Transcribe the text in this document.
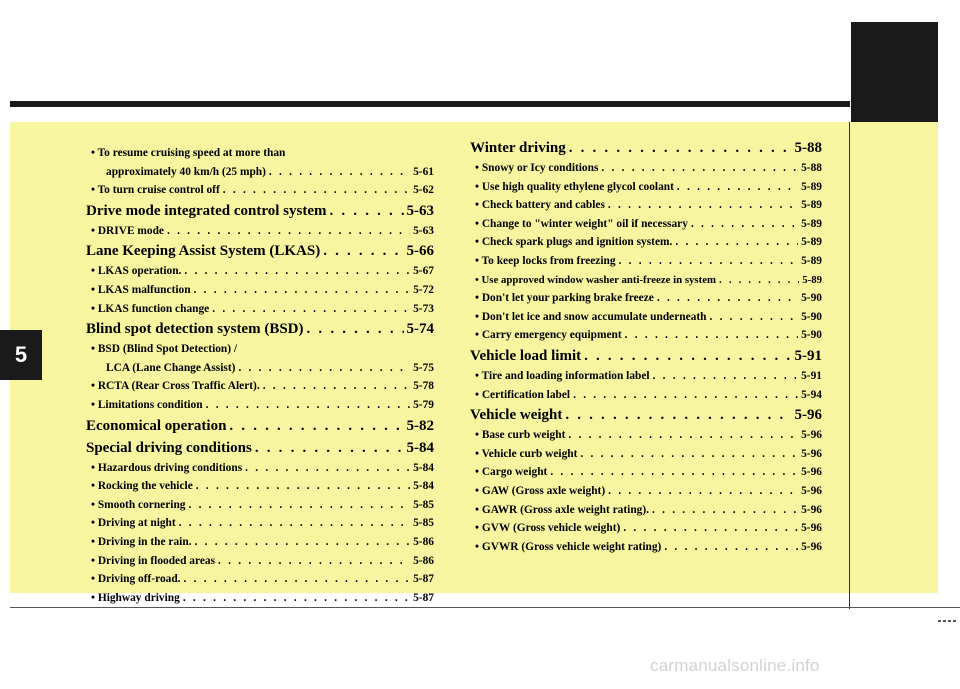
5
carmanualsonline.info
• To resume cruising speed at more than
approximately 40 km/h (25 mph) . . .	5-61
• To turn cruise control off . . .	5-62
Drive mode integrated control system . . .	5-63
• DRIVE mode . . .	5-63
Lane Keeping Assist System (LKAS) . . .	5-66
• LKAS operation. . . .	5-67
• LKAS malfunction . . .	5-72
• LKAS function change . . .	5-73
Blind spot detection system (BSD) . . .	5-74
• BSD (Blind Spot Detection) /
LCA (Lane Change Assist) . . .	5-75
• RCTA (Rear Cross Traffic Alert). . . .	5-78
• Limitations condition . . .	5-79
Economical operation . . .	5-82
Special driving conditions . . .	5-84
• Hazardous driving conditions . . .	5-84
• Rocking the vehicle . . .	5-84
• Smooth cornering . . .	5-85
• Driving at night . . .	5-85
• Driving in the rain. . . .	5-86
• Driving in flooded areas . . .	5-86
• Driving off-road. . . .	5-87
• Highway driving . . .	5-87
Winter driving . . .	5-88
• Snowy or Icy conditions . . .	5-88
• Use high quality ethylene glycol coolant . . .	5-89
• Check battery and cables . . .	5-89
• Change to "winter weight" oil if necessary . . .	5-89
• Check spark plugs and ignition system. . . .	5-89
• To keep locks from freezing . . .	5-89
• Use approved window washer anti-freeze in system . . .	5-89
• Don't let your parking brake freeze . . .	5-90
• Don't let ice and snow accumulate underneath . . .	5-90
• Carry emergency equipment . . .	5-90
Vehicle load limit . . .	5-91
• Tire and loading information label . . .	5-91
• Certification label . . .	5-94
Vehicle weight . . .	5-96
• Base curb weight . . .	5-96
• Vehicle curb weight . . .	5-96
• Cargo weight . . .	5-96
• GAW (Gross axle weight) . . .	5-96
• GAWR (Gross axle weight rating). . . .	5-96
• GVW (Gross vehicle weight) . . .	5-96
• GVWR (Gross vehicle weight rating) . . .	5-96
